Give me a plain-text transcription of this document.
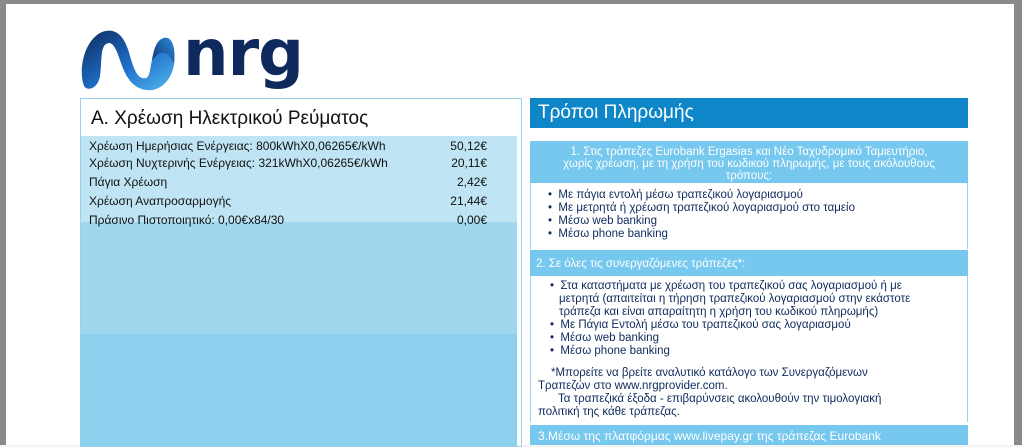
nrg
Α. Χρέωση Ηλεκτρικού Ρεύματος
Χρέωση Ημερήσιας Ενέργειας: 800kWhX0,06265€/kWh	50,12€
Χρέωση Νυχτερινής Ενέργειας: 321kWhX0,06265€/kWh	20,11€
Πάγια Χρέωση	2,42€
Χρέωση Αναπροσαρμογής	21,44€
Πράσινο Πιστοποιητικό: 0,00€x84/30	0,00€
Τρόποι Πληρωμής
1. Στις τράπεζες Eurobank Ergasias και Νέο Ταχυδρομικό Ταμιευτήριο,
χωρίς χρέωση, με τη χρήση του κωδικού πληρωμής, με τους ακόλουθους
τρόπους:
•  Με πάγια εντολή μέσω τραπεζικού λογαριασμού
•  Με μετρητά ή χρέωση τραπεζικού λογαριασμού στο ταμείο
•  Μέσω web banking
•  Μέσω phone banking
2. Σε όλες τις συνεργαζόμενες τράπεζες*:
•  Στα καταστήματα με χρέωση του τραπεζικού σας λογαριασμού ή με
μετρητά (απαιτείται η τήρηση τραπεζικού λογαριασμού στην εκάστοτε
τράπεζα και είναι απαραίτητη η χρήση του κωδικού πληρωμής)
•  Με Πάγια Εντολή μέσω του τραπεζικού σας λογαριασμού
•  Μέσω web banking
•  Μέσω phone banking
*Μπορείτε να βρείτε αναλυτικό κατάλογο των Συνεργαζόμενων
Τραπεζών στο www.nrgprovider.com.
Τα τραπεζικά έξοδα - επιβαρύνσεις ακολουθούν την τιμολογιακή
πολιτική της κάθε τράπεζας.
3.Μέσω της πλατφόρμας www.livepay.gr της τράπεζας Eurobank
